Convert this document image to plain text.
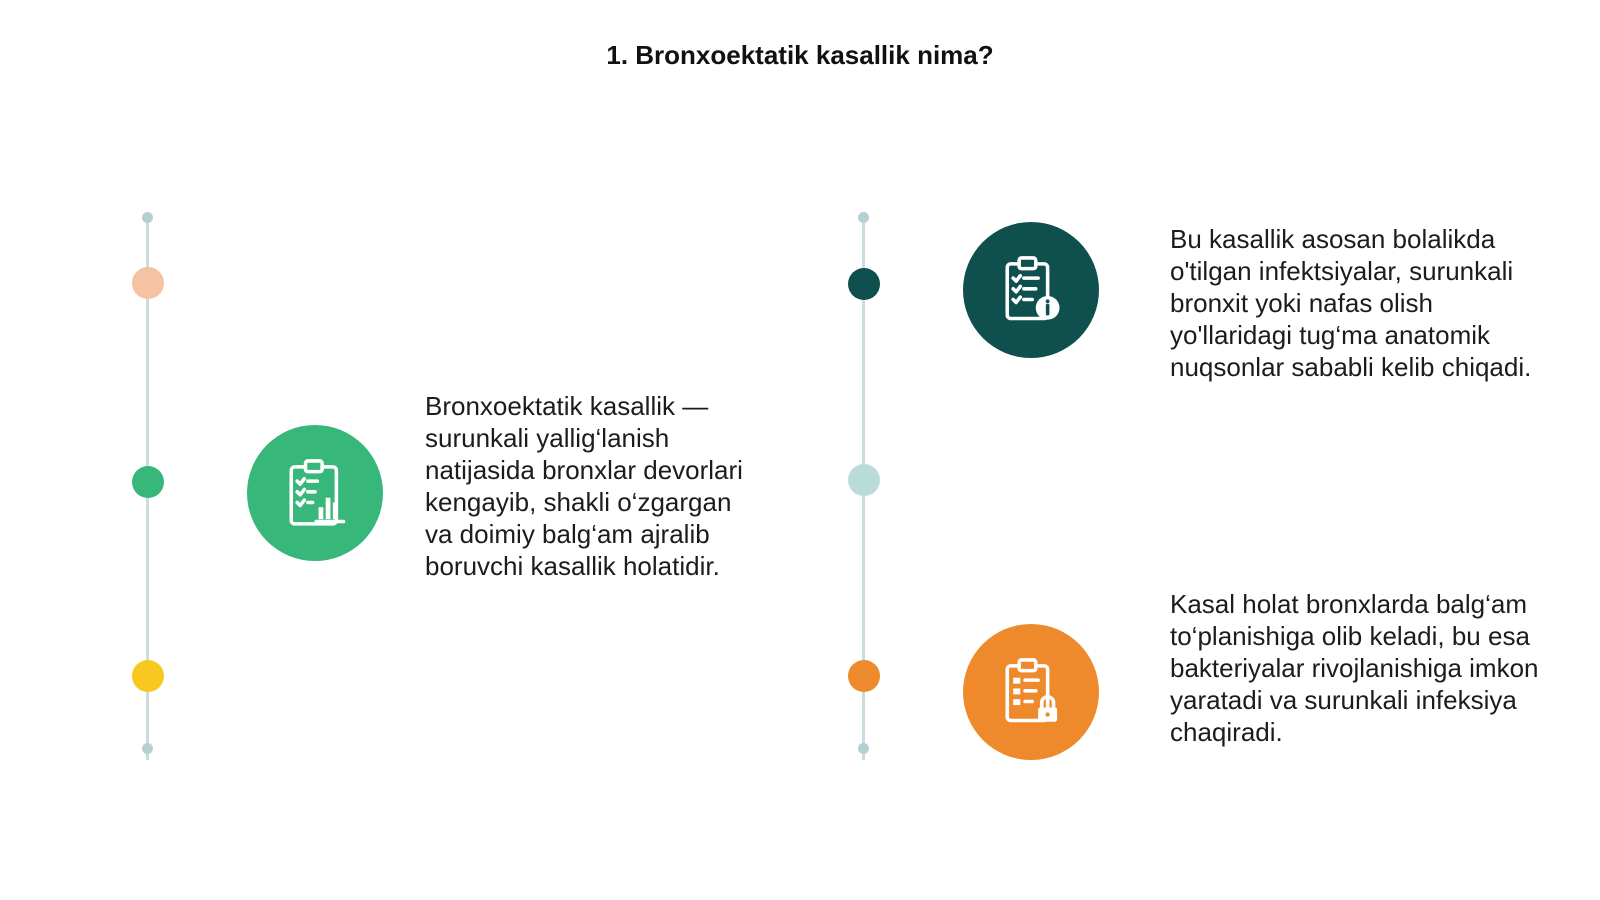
1. Bronxoektatik kasallik nima?

Bronxoektatik kasallik — surunkali yallig‘lanish natijasida bronxlar devorlari kengayib, shakli o‘zgargan va doimiy balg‘am ajralib boruvchi kasallik holatidir.

Bu kasallik asosan bolalikda o'tilgan infektsiyalar, surunkali bronxit yoki nafas olish yo'llaridagi tug‘ma anatomik nuqsonlar sababli kelib chiqadi.

Kasal holat bronxlarda balg‘am to‘planishiga olib keladi, bu esa bakteriyalar rivojlanishiga imkon yaratadi va surunkali infeksiya chaqiradi.
